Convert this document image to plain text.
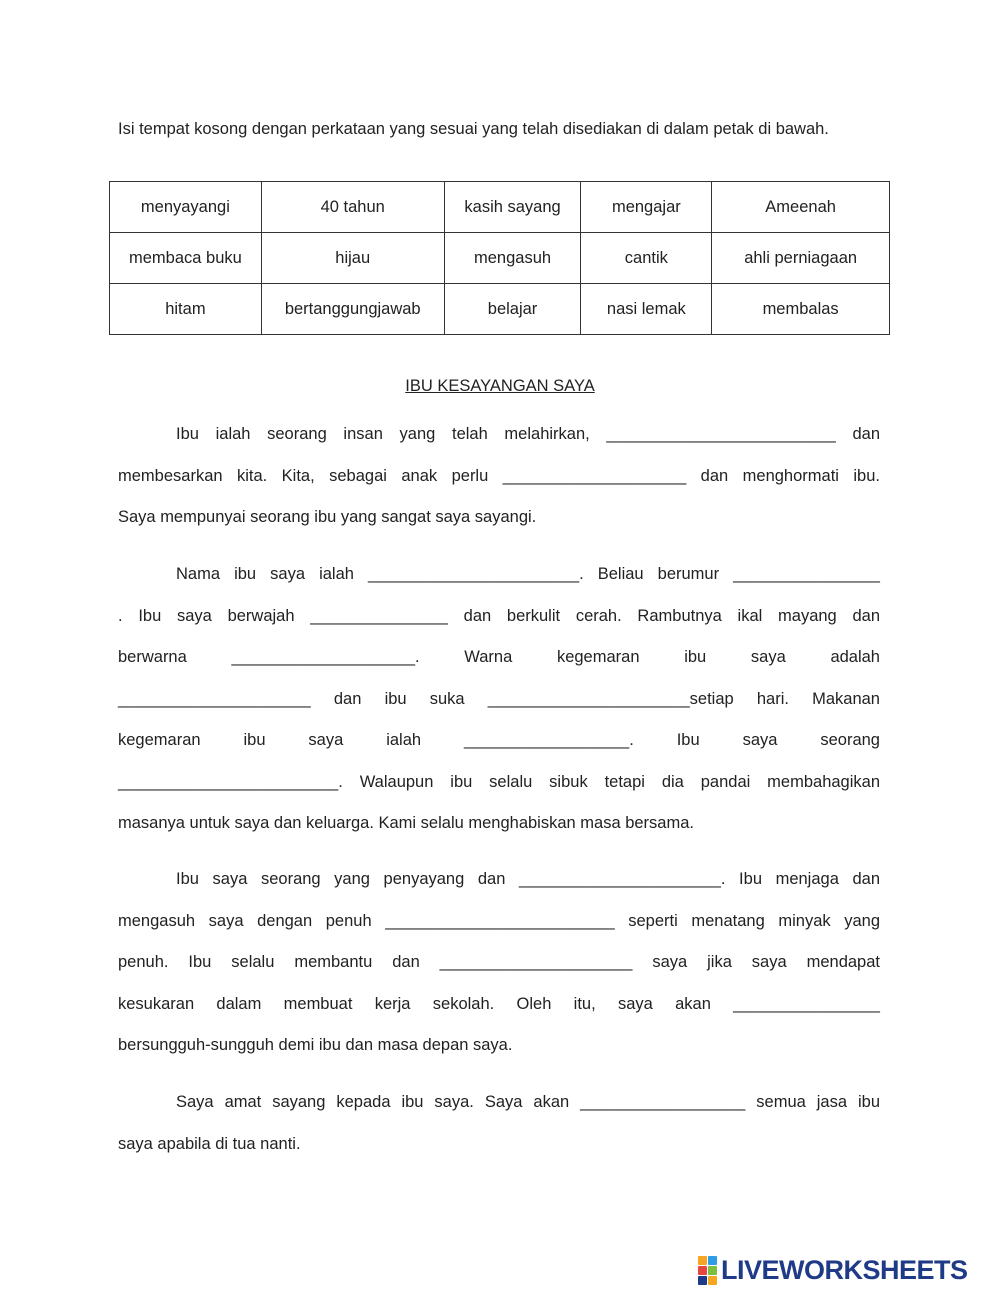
Isi tempat kosong dengan perkataan yang sesuai yang telah disediakan di dalam petak di bawah.
menyayangi	40 tahun	kasih sayang	mengajar	Ameenah
membaca buku	hijau	mengasuh	cantik	ahli perniagaan
hitam	bertanggungjawab	belajar	nasi lemak	membalas
IBU KESAYANGAN SAYA
Ibu ialah seorang insan yang telah melahirkan, _________________________ dan
membesarkan kita. Kita, sebagai anak perlu ____________________ dan menghormati ibu.
Saya mempunyai seorang ibu yang sangat saya sayangi.
Nama ibu saya ialah _______________________. Beliau berumur ________________
. Ibu saya berwajah _______________ dan berkulit cerah. Rambutnya ikal mayang dan
berwarna ____________________. Warna kegemaran ibu saya adalah
_____________________ dan ibu suka ______________________setiap hari. Makanan
kegemaran ibu saya ialah __________________. Ibu saya seorang
________________________. Walaupun ibu selalu sibuk tetapi dia pandai membahagikan
masanya untuk saya dan keluarga. Kami selalu menghabiskan masa bersama.
Ibu saya seorang yang penyayang dan ______________________. Ibu menjaga dan
mengasuh saya dengan penuh _________________________ seperti menatang minyak yang
penuh. Ibu selalu membantu dan _____________________ saya jika saya mendapat
kesukaran dalam membuat kerja sekolah. Oleh itu, saya akan ________________
bersungguh-sungguh demi ibu dan masa depan saya.
Saya amat sayang kepada ibu saya. Saya akan __________________ semua jasa ibu
saya apabila di tua nanti.
LIVEWORKSHEETS
